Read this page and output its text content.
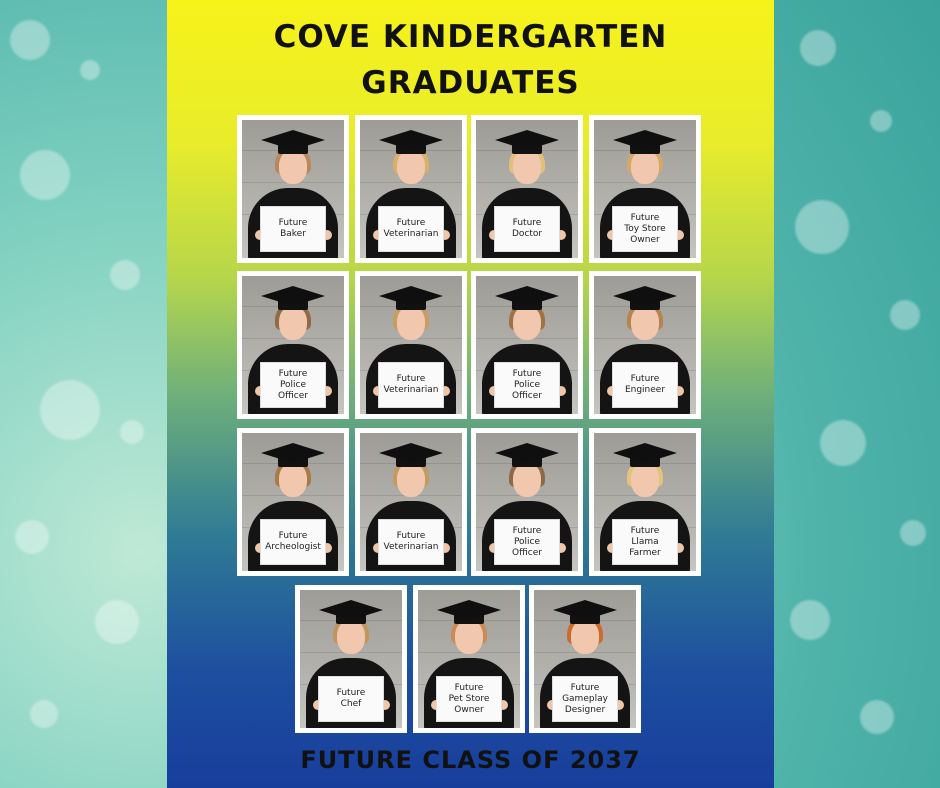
COVE KINDERGARTEN
GRADUATES
Future
Baker
Future
Veterinarian
Future
Doctor
Future
Toy Store
Owner
Future
Police
Officer
Future
Veterinarian
Future
Police
Officer
Future
Engineer
Future
Archeologist
Future
Veterinarian
Future
Police
Officer
Future
Llama
Farmer
Future
Chef
Future
Pet Store
Owner
Future
Gameplay
Designer
FUTURE CLASS OF 2037
